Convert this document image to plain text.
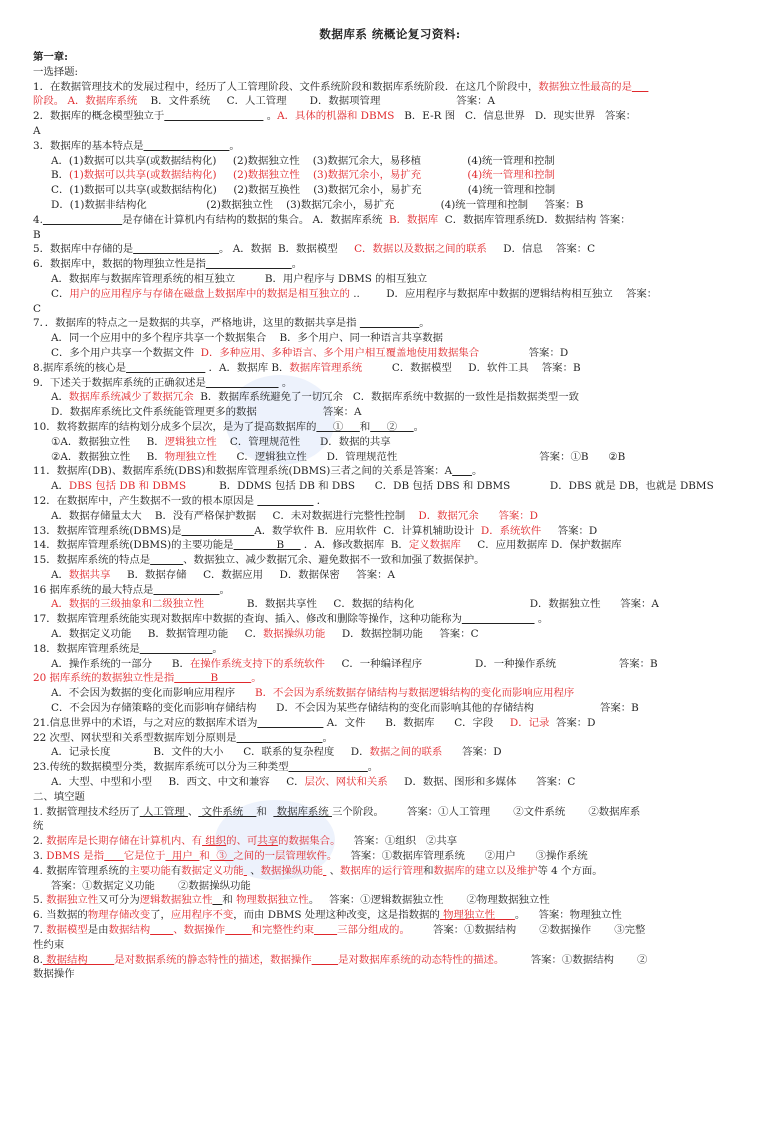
数据库系 统概论复习资料:
第一章:
一选择题:
1．在数据管理技术的发展过程中，经历了人工管理阶段、文件系统阶段和数据库系统阶段．在这几个阶段中，数据独立性最高的是
阶段。 A．数据库系统    B．文件系统     C．人工管理       D．数据项管理                       答案：A
2．数据库的概念模型独立于	。A．具体的机器和 DBMS   B．E-R 图   C．信息世界   D．现实世界   答案：
A
3．数据库的基本特点是	。
A．(1)数据可以共享(或数据结构化)     (2)数据独立性    (3)数据冗余大，易移植              (4)统一管理和控制
B．(1)数据可以共享(或数据结构化)     (2)数据独立性    (3)数据冗余小，易扩充              (4)统一管理和控制
C．(1)数据可以共享(或数据结构化)     (2)数据互换性    (3)数据冗余小，易扩充              (4)统一管理和控制
D．(1)数据非结构化                  (2)数据独立性    (3)数据冗余小，易扩充              (4)统一管理和控制     答案：B
4.	是存储在计算机内有结构的数据的集合。 A．数据库系统  B．数据库  C．数据库管理系统D．数据结构 答案：
B
5．数据库中存储的是	。 A．数据  B．数据模型     C．数据以及数据之间的联系     D．信息    答案：C
6．数据库中，数据的物理独立性是指	。
A．数据库与数据库管理系统的相互独立         B．用户程序与 DBMS 的相互独立
C．用户的应用程序与存储在磁盘上数据库中的数据是相互独立的 ..        D．应用程序与数据库中数据的逻辑结构相互独立    答案：
C
7．．数据库的特点之一是数据的共享，严格地讲，这里的数据共享是指	。
A．同一个应用中的多个程序共享一个数据集合    B．多个用户、同一种语言共享数据
C．多个用户共享一个数据文件  D．多种应用、多种语言、多个用户相互覆盖地使用数据集合               答案：D
8.据库系统的核心是	．A．数据库 B．数据库管理系统         C．数据模型     D．软件工具    答案：B
9．下述关于数据库系统的正确叙述是	。
A．数据库系统减少了数据冗余  B．数据库系统避免了一切冗余   C．数据库系统中数据的一致性是指数据类型一致
D．数据库系统比文件系统能管理更多的数据                    答案：A
10．数将数据库的结构划分成多个层次，是为了提高数据库的     ①     和     ②     。
①A．数据独立性     B．逻辑独立性    C．管理规范性      D．数据的共享
②A．数据独立性     B．物理独立性      C．逻辑独立性      D．管理规范性                                           答案：①B      ②B
11．数据库(DB)、数据库系统(DBS)和数据库管理系统(DBMS)三者之间的关系是答案：A 。
A．DBS 包括 DB 和 DBMS          B．DDMS 包括 DB 和 DBS      C．DB 包括 DBS 和 DBMS            D．DBS 就是 DB，也就是 DBMS
12．在数据库中，产生数据不一致的根本原因是	．
A．数据存储量太大    B．没有严格保护数据     C．未对数据进行完整性控制    D．数据冗余      答案：D
13．数据库管理系统(DBMS)是	A．数学软件 B．应用软件  C．计算机辅助设计  D．系统软件     答案：D
14．数据库管理系统(DBMS)的主要功能是             B      ．A．修改数据库  B．定义数据库     C．应用数据库 D．保护数据库
15．数据库系统的特点是	、数据独立、减少数据冗余、避免数据不一致和加强了数据保护。
A．数据共享     B．数据存储     C．数据应用     D．数据保密     答案：A
16 据库系统的最大特点是	。
A．数据的三级抽象和二级独立性             B．数据共享性     C．数据的结构化                                   D．数据独立性      答案：A
17．数据库管理系统能实现对数据库中数据的查询、插入、修改和删除等操作，这种功能称为	。
A．数据定义功能     B．数据管理功能     C．数据操纵功能     D．数据控制功能     答案：C
18．数据库管理系统是	。
A．操作系统的一部分      B．在操作系统支持下的系统软件     C．一种编译程序                D．一种操作系统                   答案：B
20 据库系统的数据独立性是指           B          。
A．不会因为数据的变化而影响应用程序      B．不会因为系统数据存储结构与数据逻辑结构的变化而影响应用程序
C．不会因为存储策略的变化而影响存储结构      D．不会因为某些存储结构的变化而影响其他的存储结构                    答案：B
21.信息世界中的术语，与之对应的数据库术语为	A．文件      B．数据库      C．字段     D．记录  答案：D
22 次型、网状型和关系型数据库划分原则是	。
A．记录长度             B．文件的大小      C．联系的复杂程度     D．数据之间的联系      答案：D
23.传统的数据模型分类，数据库系统可以分为三种类型	。
A．大型、中型和小型     B．西文、中文和兼容     C．层次、网状和关系     D．数据、图形和多媒体      答案：C
二、填空题
1. 数据管理技术经历了 人工管理 、 文件系统    和   数据库系统 三个阶段。       答案：①人工管理       ②文件系统       ②数据库系
统
2. 数据库是长期存储在计算机内、有 组织的、可共享的数据集合。    答案：①组织   ②共享
3. DBMS 是指 它是位于  用户  和  ③  之间的一层管理软件。    答案：①数据库管理系统      ②用户      ③操作系统
4. 数据库管理系统的主要功能有数据定义功能  、数据操纵功能  、数据库的运行管理和数据库的建立以及维护等 4 个方面。
答案：①数据定义功能       ②数据操纵功能
5. 数据独立性又可分为逻辑数据独立性 和 物理数据独立性。   答案：①逻辑数据独立性       ②物理数据独立性
6. 当数据的物理存储改变了，应用程序不变，而由 DBMS 处理这种改变，这是指数据的 物理独立性      。    答案：物理独立性
7. 数据模型是由数据结构 、数据操作	和完整性约束 三部分组成的。       答案：①数据结构       ②数据操作       ③完整
性约束
8. 数据结构        是对数据系统的静态特性的描述，数据操作	是对数据库系统的动态特性的描述。        答案：①数据结构       ②
数据操作
